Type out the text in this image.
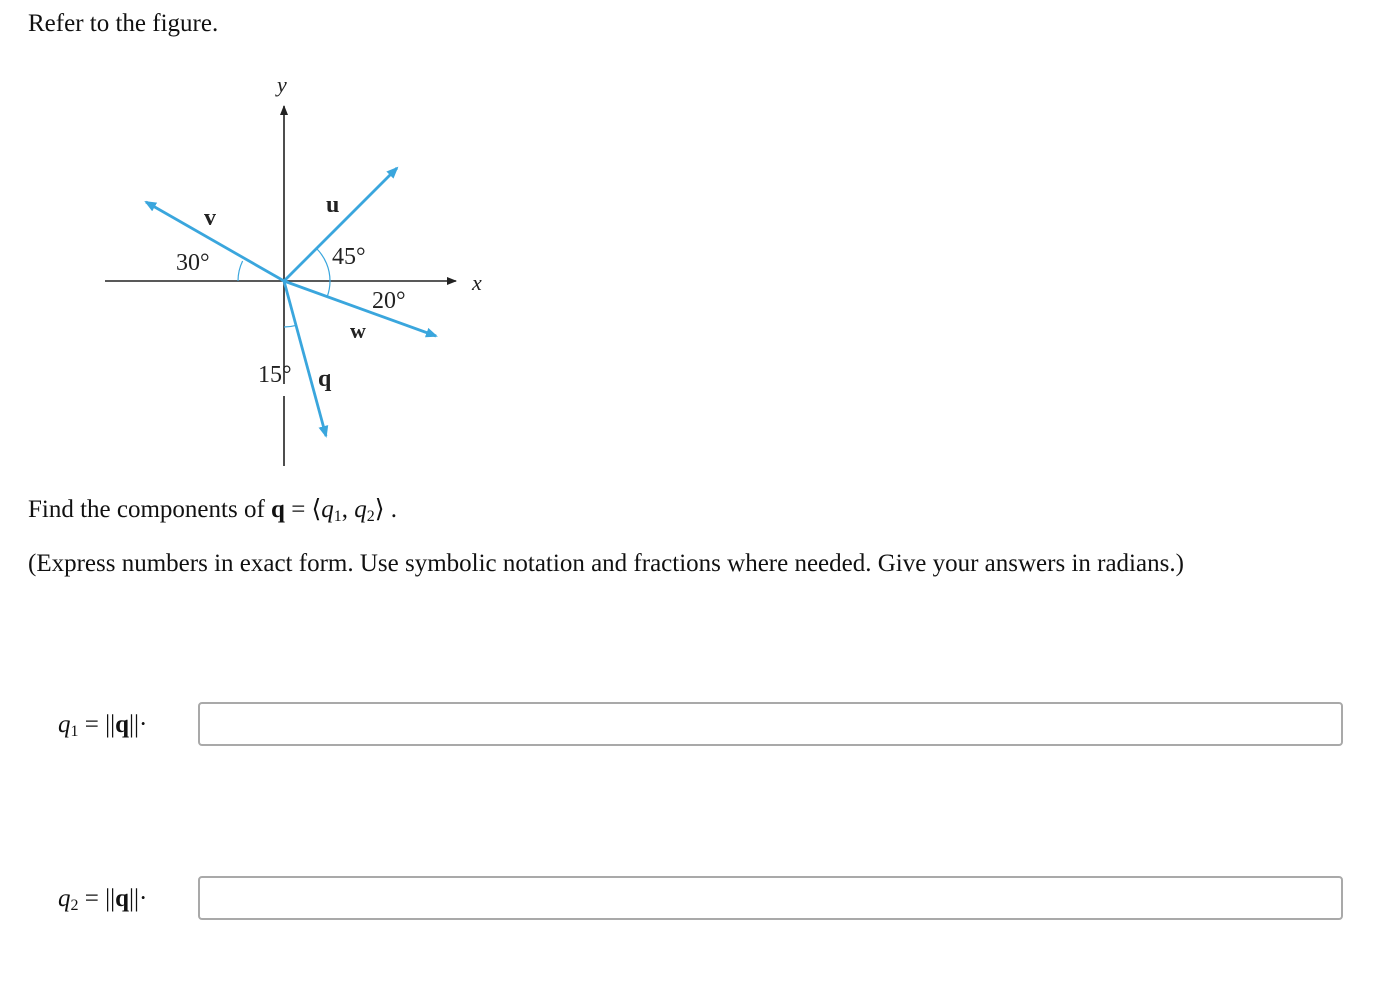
Refer to the figure.

x
y
u
v
w
q
30°	45°
20°
15°

Find the components of $q = ⟨q_1$, $q_2⟩$ .

(Express numbers in exact form. Use symbolic notation and fractions where needed. Give your answers in radians.)

$q_1 = ||q||\cdot$
$q_2 = ||q||\cdot$
